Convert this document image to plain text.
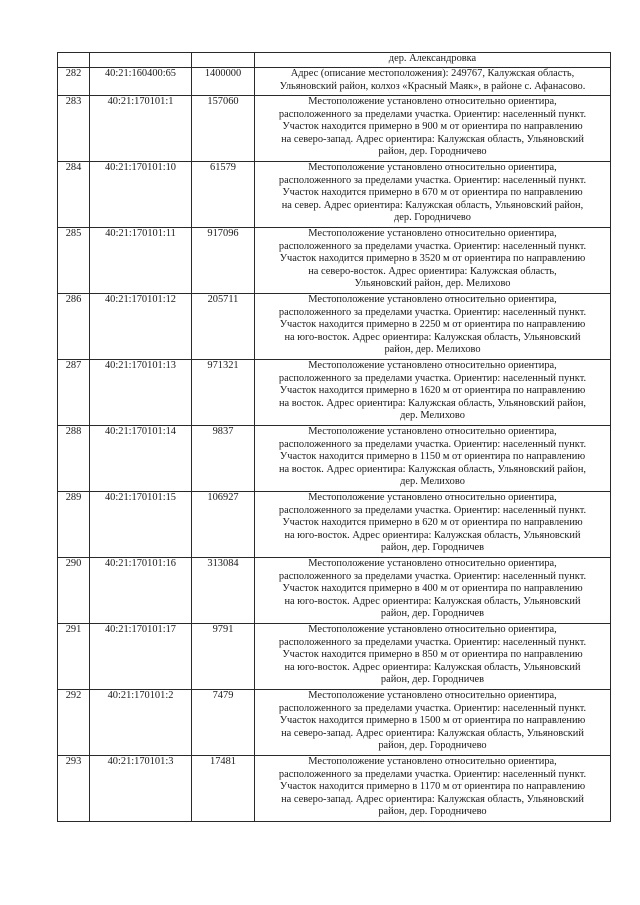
			дер. Александровка

282	40:21:160400:65	1400000	Адрес (описание местоположения): 249767, Калужская область,
Ульяновский район, колхоз «Красный Маяк», в районе с. Афанасово.

283	40:21:170101:1	157060	Местоположение установлено относительно ориентира,
расположенного за пределами участка. Ориентир: населенный пункт.
Участок находится примерно в 900 м от ориентира по направлению
на северо-запад. Адрес ориентира: Калужская область, Ульяновский
район, дер. Городничево

284	40:21:170101:10	61579	Местоположение установлено относительно ориентира,
расположенного за пределами участка. Ориентир: населенный пункт.
Участок находится примерно в 670 м от ориентира по направлению
на север. Адрес ориентира: Калужская область, Ульяновский район,
дер. Городничево

285	40:21:170101:11	917096	Местоположение установлено относительно ориентира,
расположенного за пределами участка. Ориентир: населенный пункт.
Участок находится примерно в 3520 м от ориентира по направлению
на северо-восток. Адрес ориентира: Калужская область,
Ульяновский район, дер. Мелихово

286	40:21:170101:12	205711	Местоположение установлено относительно ориентира,
расположенного за пределами участка. Ориентир: населенный пункт.
Участок находится примерно в 2250 м от ориентира по направлению
на юго-восток. Адрес ориентира: Калужская область, Ульяновский
район, дер. Мелихово

287	40:21:170101:13	971321	Местоположение установлено относительно ориентира,
расположенного за пределами участка. Ориентир: населенный пункт.
Участок находится примерно в 1620 м от ориентира по направлению
на восток. Адрес ориентира: Калужская область, Ульяновский район,
дер. Мелихово

288	40:21:170101:14	9837	Местоположение установлено относительно ориентира,
расположенного за пределами участка. Ориентир: населенный пункт.
Участок находится примерно в 1150 м от ориентира по направлению
на восток. Адрес ориентира: Калужская область, Ульяновский район,
дер. Мелихово

289	40:21:170101:15	106927	Местоположение установлено относительно ориентира,
расположенного за пределами участка. Ориентир: населенный пункт.
Участок находится примерно в 620 м от ориентира по направлению
на юго-восток. Адрес ориентира: Калужская область, Ульяновский
район, дер. Городничев

290	40:21:170101:16	313084	Местоположение установлено относительно ориентира,
расположенного за пределами участка. Ориентир: населенный пункт.
Участок находится примерно в 400 м от ориентира по направлению
на юго-восток. Адрес ориентира: Калужская область, Ульяновский
район, дер. Городничев

291	40:21:170101:17	9791	Местоположение установлено относительно ориентира,
расположенного за пределами участка. Ориентир: населенный пункт.
Участок находится примерно в 850 м от ориентира по направлению
на юго-восток. Адрес ориентира: Калужская область, Ульяновский
район, дер. Городничев

292	40:21:170101:2	7479	Местоположение установлено относительно ориентира,
расположенного за пределами участка. Ориентир: населенный пункт.
Участок находится примерно в 1500 м от ориентира по направлению
на северо-запад. Адрес ориентира: Калужская область, Ульяновский
район, дер. Городничево

293	40:21:170101:3	17481	Местоположение установлено относительно ориентира,
расположенного за пределами участка. Ориентир: населенный пункт.
Участок находится примерно в 1170 м от ориентира по направлению
на северо-запад. Адрес ориентира: Калужская область, Ульяновский
район, дер. Городничево
